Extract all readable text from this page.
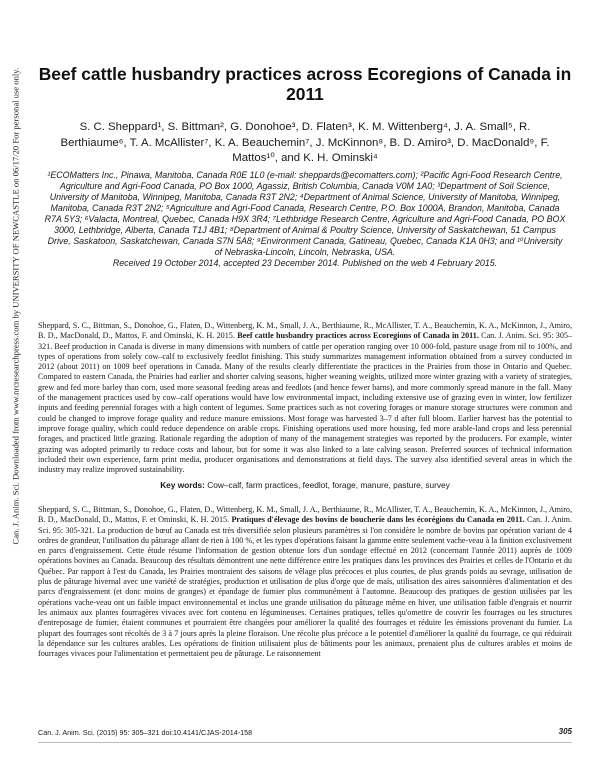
Can. J. Anim. Sci. Downloaded from www.nrcresearchpress.com by UNIVERSITY OF NEWCASTLE on 06/17/20 For personal use only. Beef cattle husbandry practices across Ecoregions of Canada in 2011
S. C. Sheppard¹, S. Bittman², G. Donohoe³, D. Flaten³, K. M. Wittenberg⁴, J. A. Small⁵, R. Berthiaume⁶, T. A. McAllister⁷, K. A. Beauchemin⁷, J. McKinnon⁸, B. D. Amiro³, D. MacDonald⁹, F. Mattos¹⁰, and K. H. Ominski⁴
¹ECOMatters Inc., Pinawa, Manitoba, Canada R0E 1L0 (e-mail: sheppards@ecomatters.com); ²Pacific Agri-Food Research Centre, Agriculture and Agri-Food Canada, PO Box 1000, Agassiz, British Columbia, Canada V0M 1A0; ³Department of Soil Science, University of Manitoba, Winnipeg, Manitoba, Canada R3T 2N2; ⁴Department of Animal Science, University of Manitoba, Winnipeg, Manitoba, Canada R3T 2N2; ⁵Agriculture and Agri-Food Canada, Research Centre, P.O. Box 1000A, Brandon, Manitoba, Canada R7A 5Y3; ⁶Valacta, Montreal, Quebec, Canada H9X 3R4; ⁷Lethbridge Research Centre, Agriculture and Agri-Food Canada, PO BOX 3000, Lethbridge, Alberta, Canada T1J 4B1; ⁸Department of Animal & Poultry Science, University of Saskatchewan, 51 Campus Drive, Saskatoon, Saskatchewan, Canada S7N 5A8; ⁹Environment Canada, Gatineau, Quebec, Canada K1A 0H3; and ¹⁰University of Nebraska-Lincoln, Lincoln, Nebraska, USA.
Received 19 October 2014, accepted 23 December 2014. Published on the web 4 February 2015.
Sheppard, S. C., Bittman, S., Donohoe, G., Flaten, D., Wittenberg, K. M., Small, J. A., Berthiaume, R., McAllister, T. A., Beauchemin, K. A., McKinnon, J., Amiro, B. D., MacDonald, D., Mattos, F. and Ominski, K. H. 2015. Beef cattle husbandry practices across Ecoregions of Canada in 2011. Can. J. Anim. Sci. 95: 305–321. Beef production in Canada is diverse in many dimensions with numbers of cattle per operation ranging over 10 000-fold, pasture usage from nil to 100%, and types of operations from solely cow–calf to exclusively feedlot finishing. This study summarizes management information obtained from a survey conducted in 2012 (about 2011) on 1009 beef operations in Canada. Many of the results clearly differentiate the practices in the Prairies from those in Ontario and Quebec. Compared to eastern Canada, the Prairies had earlier and shorter calving seasons, higher weaning weights, utilized more winter grazing with a variety of strategies, grew and fed more barley than corn, used more seasonal feeding areas and feedlots (and hence fewer barns), and more commonly spread manure in the fall. Many of the management practices used by cow–calf operations would have low environmental impact, including extensive use of grazing even in winter, low fertilizer inputs and feeding perennial forages with a high content of legumes. Some practices such as not covering forages or manure storage structures were common and could be changed to improve forage quality and reduce manure emissions. Most forage was harvested 3–7 d after full bloom. Earlier harvest has the potential to improve forage quality, which could reduce dependence on arable crops. Finishing operations used more housing, fed more arable-land crops and less perennial forages, and practiced little grazing. Rationale regarding the adoption of many of the management strategies was reported by the producers. For example, winter grazing was adopted primarily to reduce costs and labour, but for some it was also linked to a late calving season. Preferred sources of technical information included their own experience, farm print media, producer organisations and demonstrations at field days. The survey also identified several areas in which the industry may realize improved sustainability.
Key words: Cow–calf, farm practices, feedlot, forage, manure, pasture, survey
Sheppard, S. C., Bittman, S., Donohoe, G., Flaten, D., Wittenberg, K. M., Small, J. A., Berthiaume, R., McAllister, T. A., Beauchemin, K. A., McKinnon, J., Amiro, B. D., MacDonald, D., Mattos, F. et Ominski, K. H. 2015. Pratiques d'élevage des bovins de boucherie dans les écorégions du Canada en 2011. Can. J. Anim. Sci. 95: 305-321. La production de bœuf au Canada est très diversifiée selon plusieurs paramètres si l'on considère le nombre de bovins par opération variant de 4 ordres de grandeur, l'utilisation du pâturage allant de rien à 100 %, et les types d'opérations faisant la gamme entre seulement vache-veau à la finition exclusivement en parcs d'engraissement. Cette étude résume l'information de gestion obtenue lors d'un sondage effectué en 2012 (concernant l'année 2011) auprès de 1009 opérations bovines au Canada. Beaucoup des résultats démontrent une nette différence entre les pratiques dans les provinces des Prairies et celles de l'Ontario et du Québec. Par rapport à l'est du Canada, les Prairies montraient des saisons de vêlage plus précoces et plus courtes, de plus grands poids au sevrage, utilisation de plus de pâturage hivernal avec une variété de stratégies, production et utilisation de plus d'orge que de maïs, utilisation des aires saisonnières d'alimentation et des parcs d'engraissement (et donc moins de granges) et épandage de fumier plus communément à l'automne. Beaucoup des pratiques de gestion utilisées par les opérations vache-veau ont un faible impact environnemental et inclus une grande utilisation du pâturage même en hiver, une utilisation faible d'engrais et nourrir les animaux aux plantes fourragères vivaces avec fort contenu en légumineuses. Certaines pratiques, telles qu'omettre de couvrir les fourrages ou les structures d'entreposage de fumier, étaient communes et pourraient être changées pour améliorer la qualité des fourrages et réduire les émissions provenant du fumier. La plupart des fourrages sont récoltés de 3 à 7 jours après la pleine floraison. Une récolte plus précoce a le potentiel d'améliorer la qualité du fourrage, ce qui réduirait la dépendance sur les cultures arables. Les opérations de finition utilisaient plus de bâtiments pour les animaux, prenaient plus de cultures arables et moins de fourrages vivaces pour l'alimentation et permettaient peu de pâturage. Le raisonnement
Can. J. Anim. Sci. (2015) 95: 305–321 doi:10.4141/CJAS-2014-158	305
